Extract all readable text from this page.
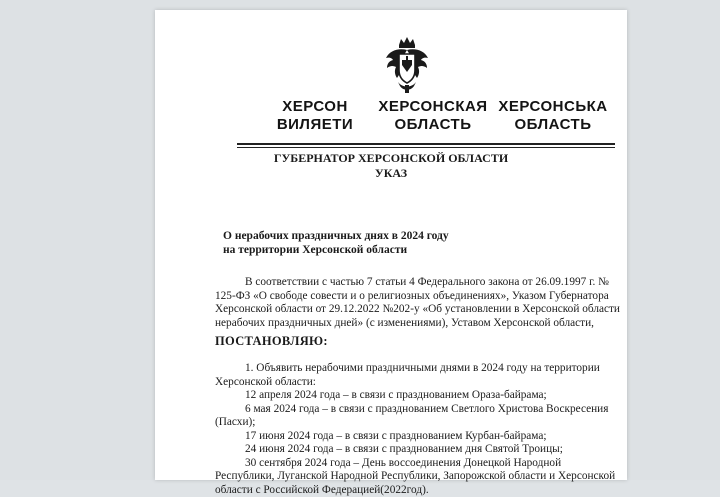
ХЕРСОН
ВИЛЯЕТИ
ХЕРСОНСКАЯ
ОБЛАСТЬ
ХЕРСОНСЬКА
ОБЛАСТЬ
ГУБЕРНАТОР ХЕРСОНСКОЙ ОБЛАСТИ
УКАЗ
О нерабочих праздничных днях в 2024 году
на территории Херсонской области
В соответствии с частью 7 статьи 4 Федерального закона от 26.09.1997 г. №
125-ФЗ «О свободе совести и о религиозных объединениях», Указом Губернатора
Херсонской области от 29.12.2022 №202-у «Об установлении в Херсонской области
нерабочих праздничных дней» (с изменениями), Уставом Херсонской области,
ПОСТАНОВЛЯЮ:
1. Объявить нерабочими праздничными днями в 2024 году на территории
Херсонской области:
12 апреля 2024 года – в связи с празднованием Ораза-байрама;
6 мая 2024 года – в связи с празднованием Светлого Христова Воскресения
(Пасхи);
17 июня 2024 года – в связи с празднованием Курбан-байрама;
24 июня 2024 года – в связи с празднованием дня Святой Троицы;
30 сентября 2024 года – День воссоединения Донецкой Народной
Республики, Луганской Народной Республики, Запорожской области и Херсонской
области с Российской Федерацией(2022год).
